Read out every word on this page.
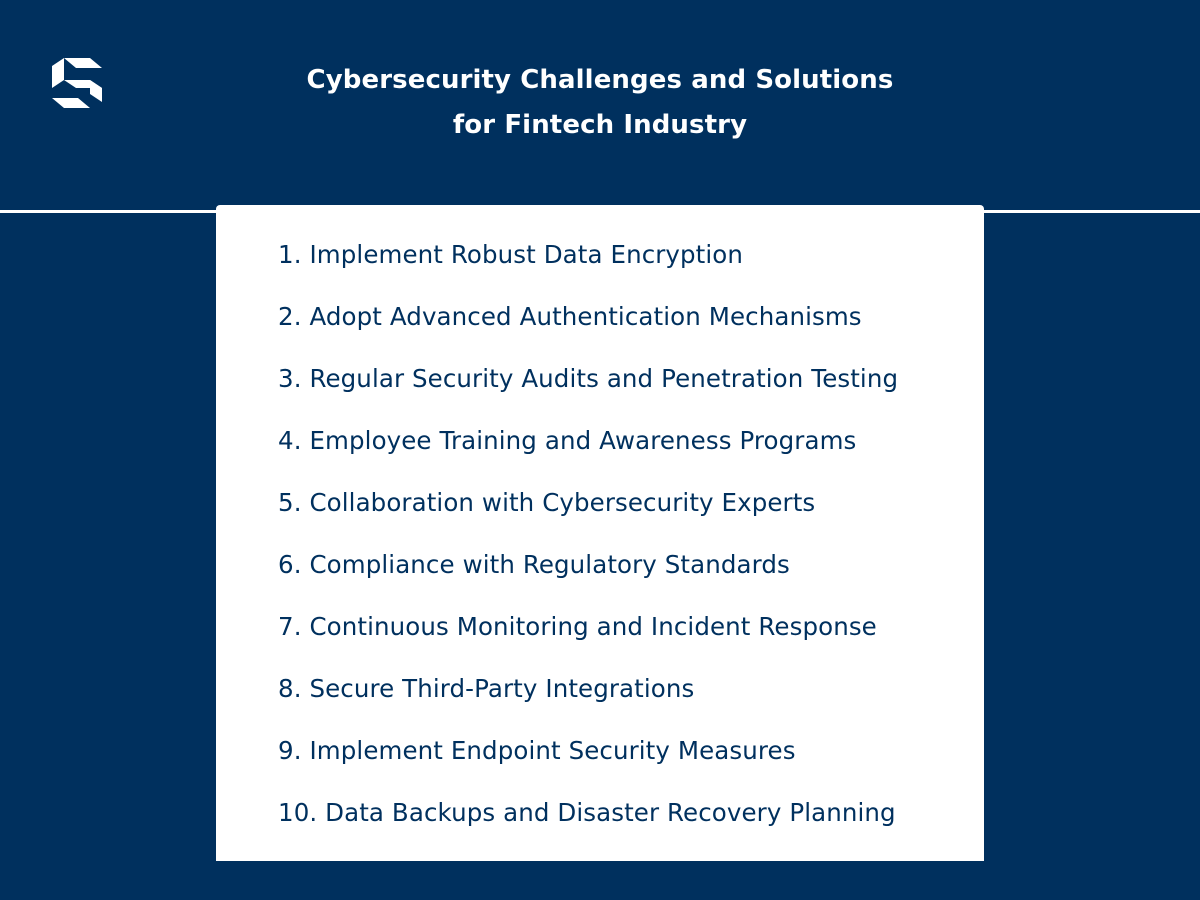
Cybersecurity Challenges and Solutions
for Fintech Industry
1. Implement Robust Data Encryption
2. Adopt Advanced Authentication Mechanisms
3. Regular Security Audits and Penetration Testing
4. Employee Training and Awareness Programs
5. Collaboration with Cybersecurity Experts
6. Compliance with Regulatory Standards
7. Continuous Monitoring and Incident Response
8. Secure Third-Party Integrations
9. Implement Endpoint Security Measures
10. Data Backups and Disaster Recovery Planning
